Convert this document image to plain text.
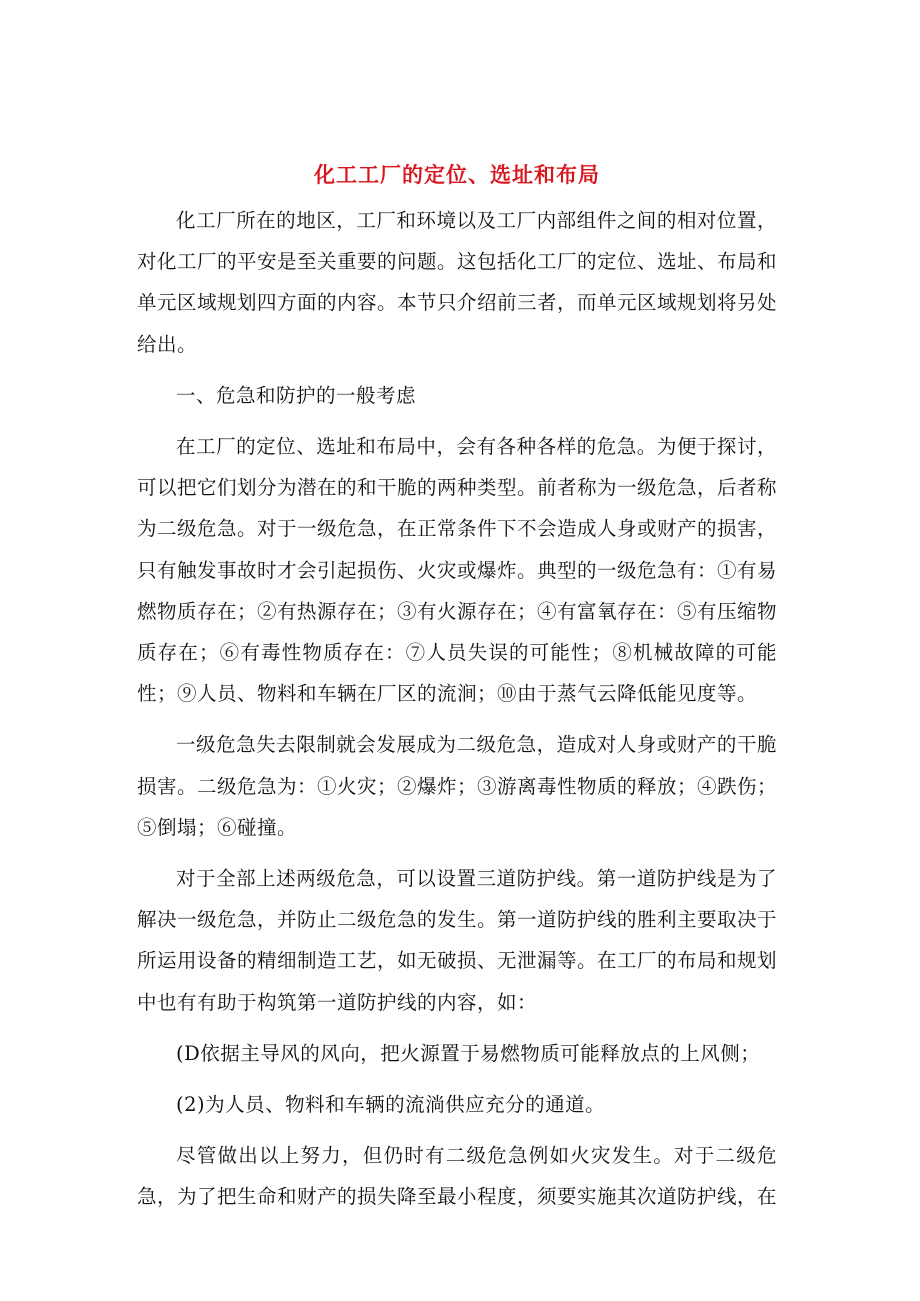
化工工厂的定位、选址和布局

化工厂所在的地区，工厂和环境以及工厂内部组件之间的相对位置，对化工厂的平安是至关重要的问题。这包括化工厂的定位、选址、布局和单元区域规划四方面的内容。本节只介绍前三者，而单元区域规划将另处给出。

一、危急和防护的一般考虑

在工厂的定位、选址和布局中，会有各种各样的危急。为便于探讨，可以把它们划分为潜在的和干脆的两种类型。前者称为一级危急，后者称为二级危急。对于一级危急，在正常条件下不会造成人身或财产的损害，只有触发事故时才会引起损伤、火灾或爆炸。典型的一级危急有：①有易燃物质存在；②有热源存在；③有火源存在；④有富氧存在：⑤有压缩物质存在；⑥有毒性物质存在：⑦人员失误的可能性；⑧机械故障的可能性；⑨人员、物料和车辆在厂区的流涧；⑩由于蒸气云降低能见度等。

一级危急失去限制就会发展成为二级危急，造成对人身或财产的干脆损害。二级危急为：①火灾；②爆炸；③游离毒性物质的释放；④跌伤；⑤倒塌；⑥碰撞。

对于全部上述两级危急，可以设置三道防护线。第一道防护线是为了解决一级危急，并防止二级危急的发生。第一道防护线的胜利主要取决于所运用设备的精细制造工艺，如无破损、无泄漏等。在工厂的布局和规划中也有有助于构筑第一道防护线的内容，如：

(D依据主导风的风向，把火源置于易燃物质可能释放点的上风侧；

(2)为人员、物料和车辆的流淌供应充分的通道。

尽管做出以上努力，但仍时有二级危急例如火灾发生。对于二级危急，为了把生命和财产的损失降至最小程度，须要实施其次道防护线，在
